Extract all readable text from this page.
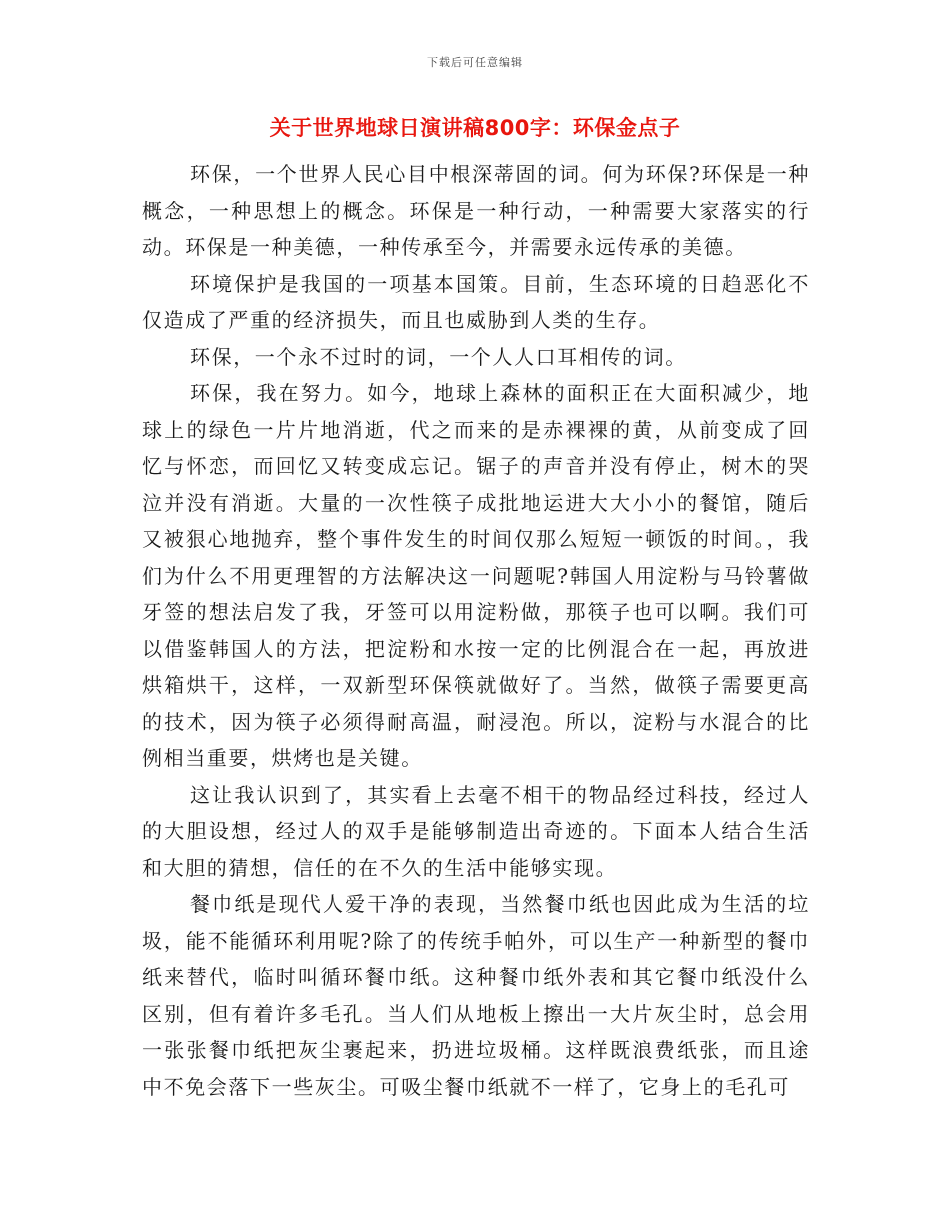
下载后可任意编辑
关于世界地球日演讲稿800字：环保金点子

环保，一个世界人民心目中根深蒂固的词。何为环保?环保是一种概念，一种思想上的概念。环保是一种行动，一种需要大家落实的行动。环保是一种美德，一种传承至今，并需要永远传承的美德。

环境保护是我国的一项基本国策。目前，生态环境的日趋恶化不仅造成了严重的经济损失，而且也威胁到人类的生存。

环保，一个永不过时的词，一个人人口耳相传的词。

环保，我在努力。如今，地球上森林的面积正在大面积减少，地球上的绿色一片片地消逝，代之而来的是赤裸裸的黄，从前变成了回忆与怀恋，而回忆又转变成忘记。锯子的声音并没有停止，树木的哭泣并没有消逝。大量的一次性筷子成批地运进大大小小的餐馆，随后又被狠心地抛弃，整个事件发生的时间仅那么短短一顿饭的时间。，我们为什么不用更理智的方法解决这一问题呢?韩国人用淀粉与马铃薯做牙签的想法启发了我，牙签可以用淀粉做，那筷子也可以啊。我们可以借鉴韩国人的方法，把淀粉和水按一定的比例混合在一起，再放进烘箱烘干，这样，一双新型环保筷就做好了。当然，做筷子需要更高的技术，因为筷子必须得耐高温，耐浸泡。所以，淀粉与水混合的比例相当重要，烘烤也是关键。

这让我认识到了，其实看上去毫不相干的物品经过科技，经过人的大胆设想，经过人的双手是能够制造出奇迹的。下面本人结合生活和大胆的猜想，信任的在不久的生活中能够实现。

餐巾纸是现代人爱干净的表现，当然餐巾纸也因此成为生活的垃圾，能不能循环利用呢?除了的传统手帕外，可以生产一种新型的餐巾纸来替代，临时叫循环餐巾纸。这种餐巾纸外表和其它餐巾纸没什么区别，但有着许多毛孔。当人们从地板上擦出一大片灰尘时，总会用一张张餐巾纸把灰尘裹起来，扔进垃圾桶。这样既浪费纸张，而且途中不免会落下一些灰尘。可吸尘餐巾纸就不一样了，它身上的毛孔可
